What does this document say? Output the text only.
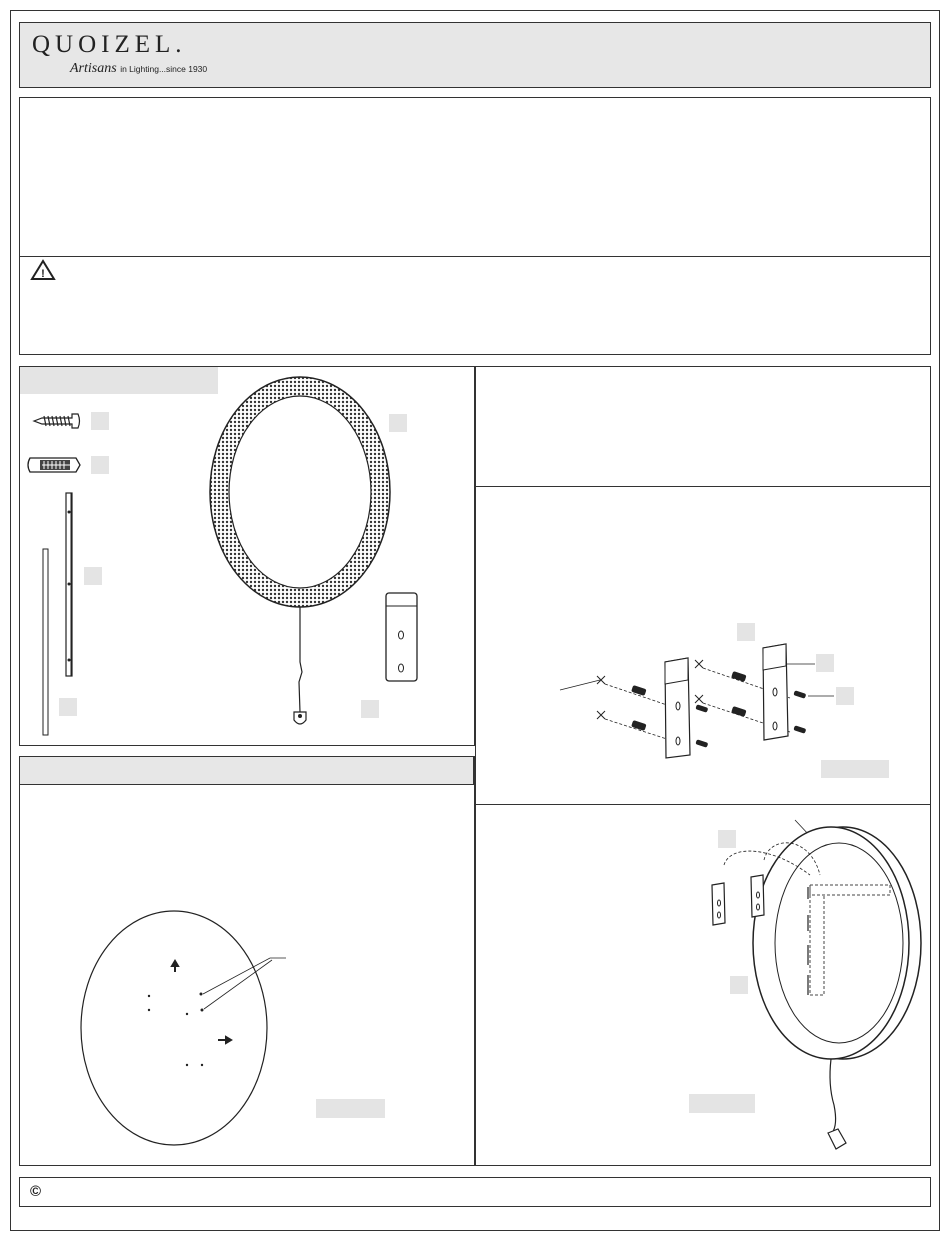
QUOIZEL.
Artisans in Lighting...since 1930
!
©
